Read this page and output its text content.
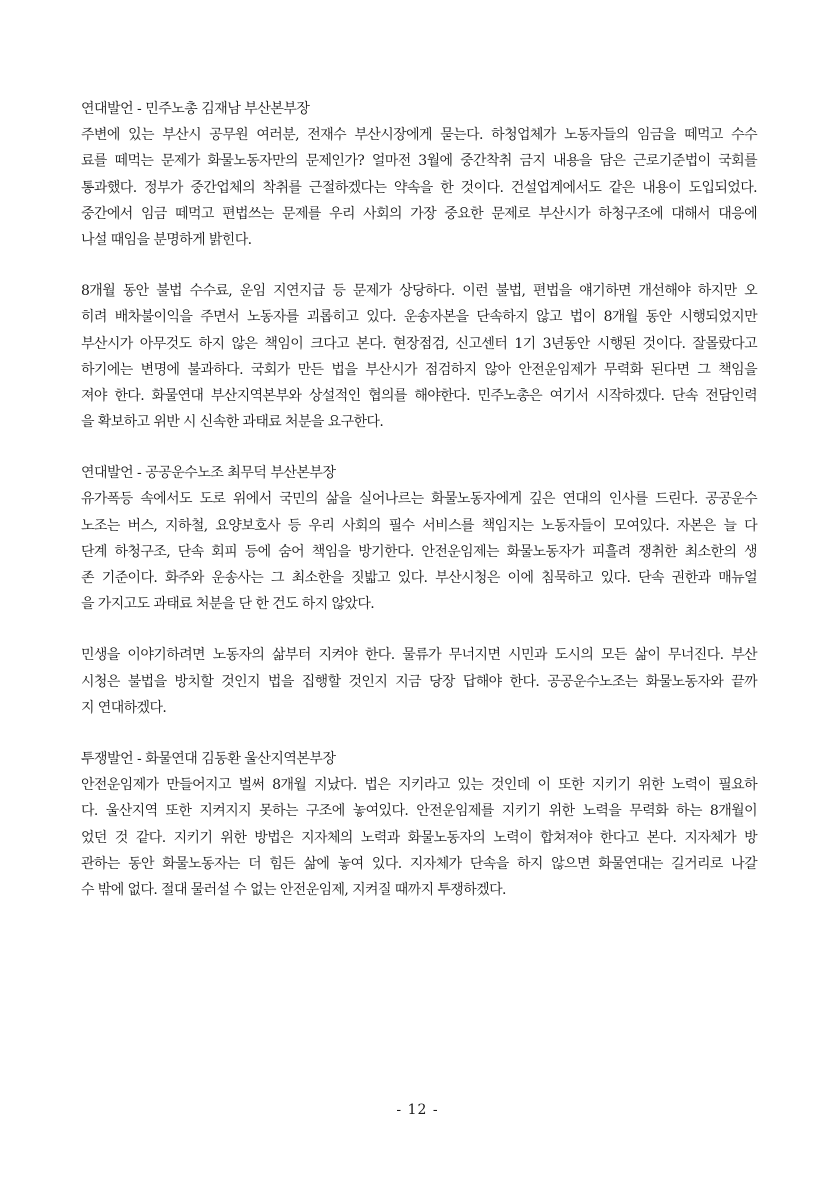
연대발언 - 민주노총 김재남 부산본부장
주변에 있는 부산시 공무원 여러분, 전재수 부산시장에게 묻는다. 하청업체가 노동자들의 임금을 떼먹고 수수
료를 떼먹는 문제가 화물노동자만의 문제인가? 얼마전 3월에 중간착취 금지 내용을 담은 근로기준법이 국회를
통과했다. 정부가 중간업체의 착취를 근절하겠다는 약속을 한 것이다. 건설업계에서도 같은 내용이 도입되었다.
중간에서 임금 떼먹고 편법쓰는 문제를 우리 사회의 가장 중요한 문제로 부산시가 하청구조에 대해서 대응에
나설 때임을 분명하게 밝힌다.
8개월 동안 불법 수수료, 운임 지연지급 등 문제가 상당하다. 이런 불법, 편법을 얘기하면 개선해야 하지만 오
히려 배차불이익을 주면서 노동자를 괴롭히고 있다. 운송자본을 단속하지 않고 법이 8개월 동안 시행되었지만
부산시가 아무것도 하지 않은 책임이 크다고 본다. 현장점검, 신고센터 1기 3년동안 시행된 것이다. 잘몰랐다고
하기에는 변명에 불과하다. 국회가 만든 법을 부산시가 점검하지 않아 안전운임제가 무력화 된다면 그 책임을
져야 한다. 화물연대 부산지역본부와 상설적인 협의를 해야한다. 민주노총은 여기서 시작하겠다. 단속 전담인력
을 확보하고 위반 시 신속한 과태료 처분을 요구한다.
연대발언 - 공공운수노조 최무덕 부산본부장
유가폭등 속에서도 도로 위에서 국민의 삶을 실어나르는 화물노동자에게 깊은 연대의 인사를 드린다. 공공운수
노조는 버스, 지하철, 요양보호사 등 우리 사회의 필수 서비스를 책임지는 노동자들이 모여있다. 자본은 늘 다
단계 하청구조, 단속 회피 등에 숨어 책임을 방기한다. 안전운임제는 화물노동자가 피흘려 쟁취한 최소한의 생
존 기준이다. 화주와 운송사는 그 최소한을 짓밟고 있다. 부산시청은 이에 침묵하고 있다. 단속 권한과 매뉴얼
을 가지고도 과태료 처분을 단 한 건도 하지 않았다.
민생을 이야기하려면 노동자의 삶부터 지켜야 한다. 물류가 무너지면 시민과 도시의 모든 삶이 무너진다. 부산
시청은 불법을 방치할 것인지 법을 집행할 것인지 지금 당장 답해야 한다. 공공운수노조는 화물노동자와 끝까
지 연대하겠다.
투쟁발언 - 화물연대 김동환 울산지역본부장
안전운임제가 만들어지고 벌써 8개월 지났다. 법은 지키라고 있는 것인데 이 또한 지키기 위한 노력이 필요하
다. 울산지역 또한 지켜지지 못하는 구조에 놓여있다. 안전운임제를 지키기 위한 노력을 무력화 하는 8개월이
었던 것 같다. 지키기 위한 방법은 지자체의 노력과 화물노동자의 노력이 합쳐져야 한다고 본다. 지자체가 방
관하는 동안 화물노동자는 더 힘든 삶에 놓여 있다. 지자체가 단속을 하지 않으면 화물연대는 길거리로 나갈
수 밖에 없다. 절대 물러설 수 없는 안전운임제, 지켜질 때까지 투쟁하겠다.
- 12 -
